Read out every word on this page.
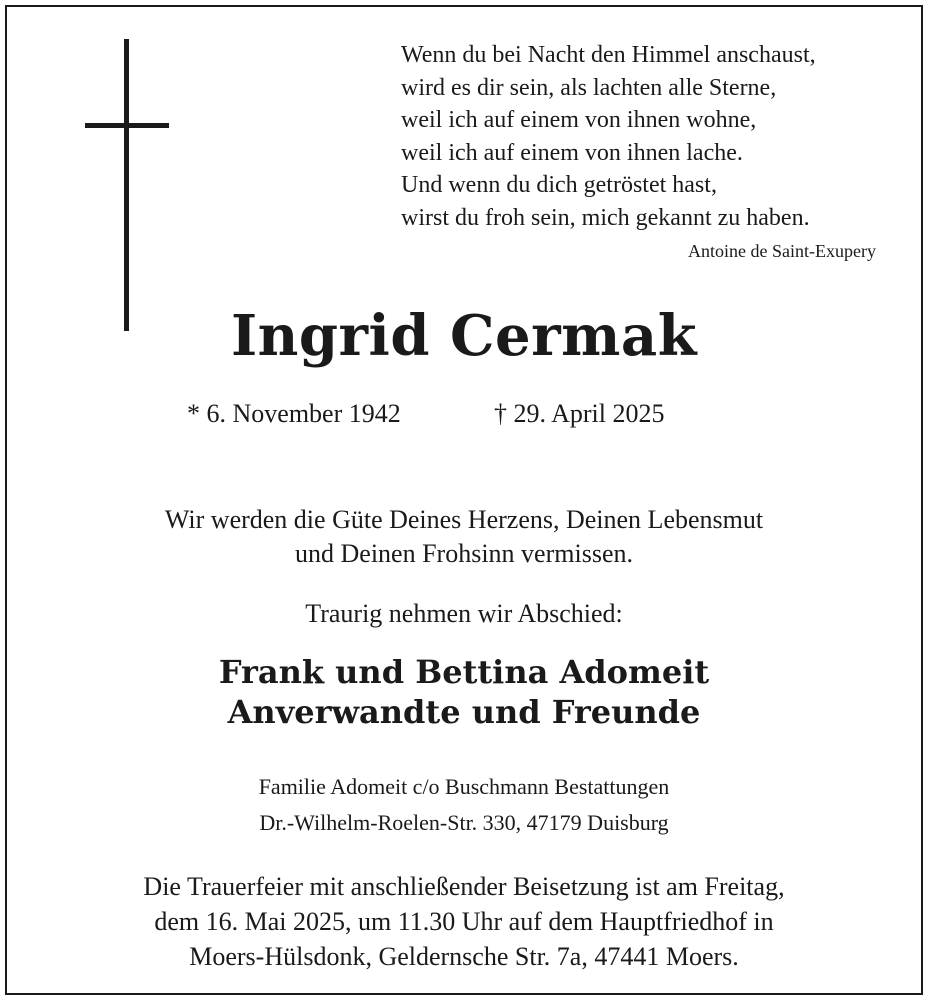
Wenn du bei Nacht den Himmel anschaust,
wird es dir sein, als lachten alle Sterne,
weil ich auf einem von ihnen wohne,
weil ich auf einem von ihnen lache.
Und wenn du dich getröstet hast,
wirst du froh sein, mich gekannt zu haben.
Antoine de Saint-Exupery
Ingrid Cermak
* 6. November 1942	† 29. April 2025
Wir werden die Güte Deines Herzens, Deinen Lebensmut
und Deinen Frohsinn vermissen.
Traurig nehmen wir Abschied:
Frank und Bettina Adomeit
Anverwandte und Freunde
Familie Adomeit c/o Buschmann Bestattungen
Dr.-Wilhelm-Roelen-Str. 330, 47179 Duisburg
Die Trauerfeier mit anschließender Beisetzung ist am Freitag,
dem 16. Mai 2025, um 11.30 Uhr auf dem Hauptfriedhof in
Moers-Hülsdonk, Geldernsche Str. 7a, 47441 Moers.
